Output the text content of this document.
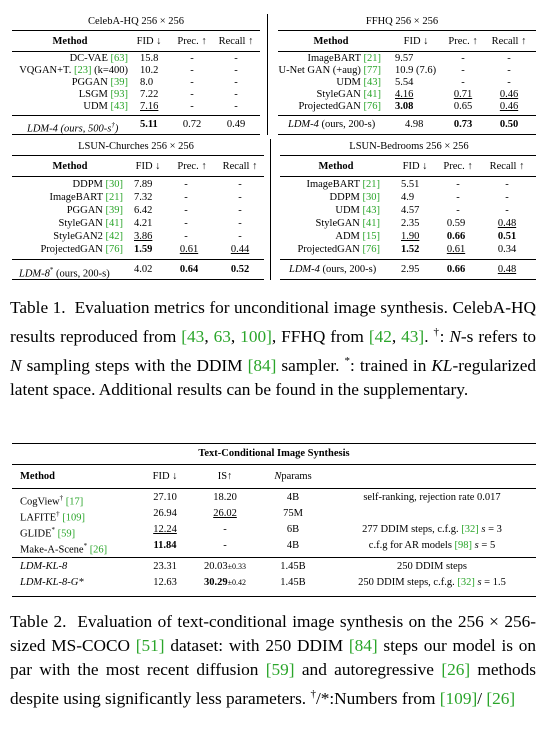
CelebA-HQ 256 × 256
Method	FID ↓ Prec. ↑ Recall ↑
DC-VAE [63] 15.8	-	-
VQGAN+T. [23] (k=400) 10.2	-	-
PGGAN [39] 8.0	-	-
LSGM [93] 7.22	-	-
UDM [43] 7.16	-	-
LDM-4 (ours, 500-s†) 5.11 0.72 0.49
FFHQ 256 × 256
Method	FID ↓ Prec. ↑ Recall ↑
ImageBART [21] 9.57	-	-
U-Net GAN (+aug) [77] 10.9 (7.6) -	-
UDM [43] 5.54	-	-
StyleGAN [41] 4.16	0.71	0.46
ProjectedGAN [76] 3.08	0.65	0.46
LDM-4 (ours, 200-s)	4.98	0.73	0.50
LSUN-Churches 256 × 256
Method	FID ↓ Prec. ↑ Recall ↑
DDPM [30] 7.89	-	-
ImageBART [21] 7.32	-	-
PGGAN [39] 6.42	-	-
StyleGAN [41] 4.21	-	-
StyleGAN2 [42] 3.86	-	-
ProjectedGAN [76] 1.59	0.61	0.44
LDM-8* (ours, 200-s) 4.02	0.64	0.52
LSUN-Bedrooms 256 × 256
Method	FID ↓ Prec. ↑ Recall ↑
ImageBART [21] 5.51	-	-
DDPM [30] 4.9	-	-
UDM [43] 4.57	-	-
StyleGAN [41] 2.35	0.59	0.48
ADM [15] 1.90	0.66	0.51
ProjectedGAN [76] 1.52	0.61	0.34
LDM-4 (ours, 200-s) 2.95	0.66	0.48
Table 1.  Evaluation metrics for unconditional image synthesis. CelebA-HQ results reproduced from [43, 63, 100], FFHQ from [42, 43]. †: N-s refers to N sampling steps with the DDIM [84] sampler. *: trained in KL-regularized latent space. Additional results can be found in the supplementary.
Text-Conditional Image Synthesis
Method	FID ↓	IS↑	Nparams
CogView† [17]	27.10	18.20	4B	self-ranking, rejection rate 0.017
LAFITE† [109]	26.94	26.02	75M
GLIDE* [59]	12.24	-	6B	277 DDIM steps, c.f.g. [32] s = 3
Make-A-Scene* [26]	11.84	-	4B	c.f.g for AR models [98] s = 5
LDM-KL-8	23.31	20.03±0.33	1.45B	250 DDIM steps
LDM-KL-8-G*	12.63	30.29±0.42	1.45B	250 DDIM steps, c.f.g. [32] s = 1.5
Table 2.  Evaluation of text-conditional image synthesis on the 256 × 256-sized MS-COCO [51] dataset: with 250 DDIM [84] steps our model is on par with the most recent diffusion [59] and autoregressive [26] methods despite using significantly less parameters. †/*:Numbers from [109]/ [26]
